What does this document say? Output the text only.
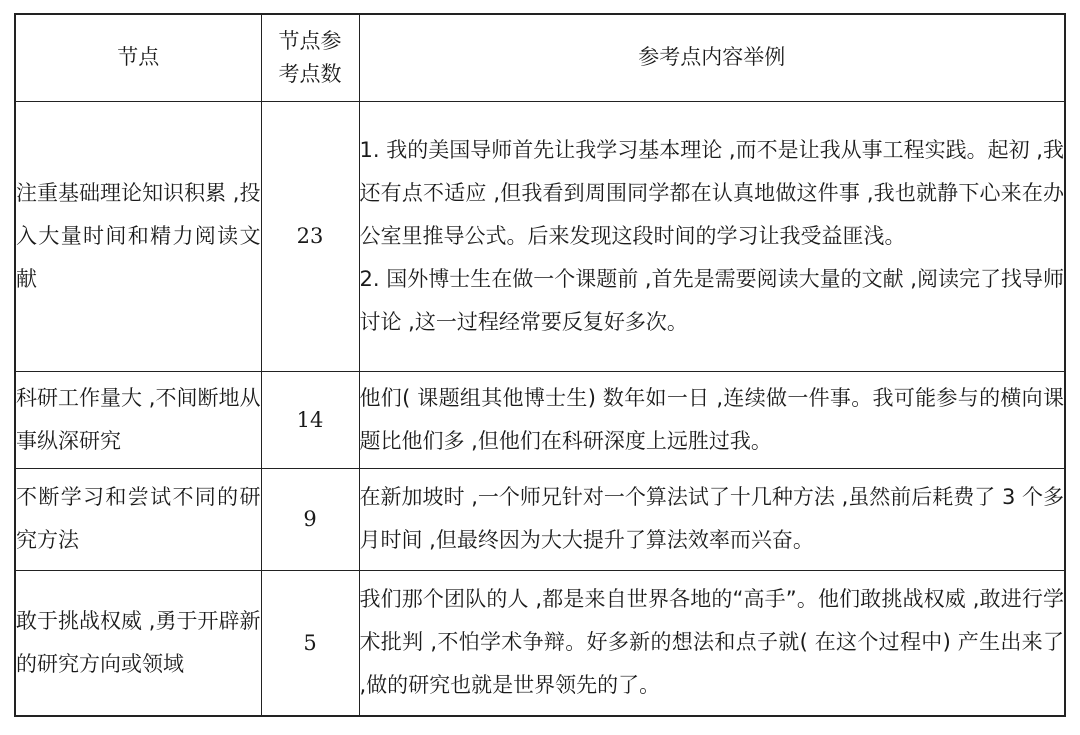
节点	节点参考点数	参考点内容举例
注重基础理论知识积累 ,投入大量时间和精力阅读文献	23	1. 我的美国导师首先让我学习基本理论 ,而不是让我从事工程实践。起初 ,我还有点不适应 ,但我看到周围同学都在认真地做这件事 ,我也就静下心来在办公室里推导公式。后来发现这段时间的学习让我受益匪浅。
2. 国外博士生在做一个课题前 ,首先是需要阅读大量的文献 ,阅读完了找导师讨论 ,这一过程经常要反复好多次。

科研工作量大 ,不间断地从事纵深研究	14	他们( 课题组其他博士生) 数年如一日 ,连续做一件事。我可能参与的横向课题比他们多 ,但他们在科研深度上远胜过我。

不断学习和尝试不同的研究方法	9	在新加坡时 ,一个师兄针对一个算法试了十几种方法 ,虽然前后耗费了 3 个多月时间 ,但最终因为大大提升了算法效率而兴奋。

敢于挑战权威 ,勇于开辟新的研究方向或领域	5	我们那个团队的人 ,都是来自世界各地的“高手”。他们敢挑战权威 ,敢进行学术批判 ,不怕学术争辩。好多新的想法和点子就( 在这个过程中) 产生出来了 ,做的研究也就是世界领先的了。
